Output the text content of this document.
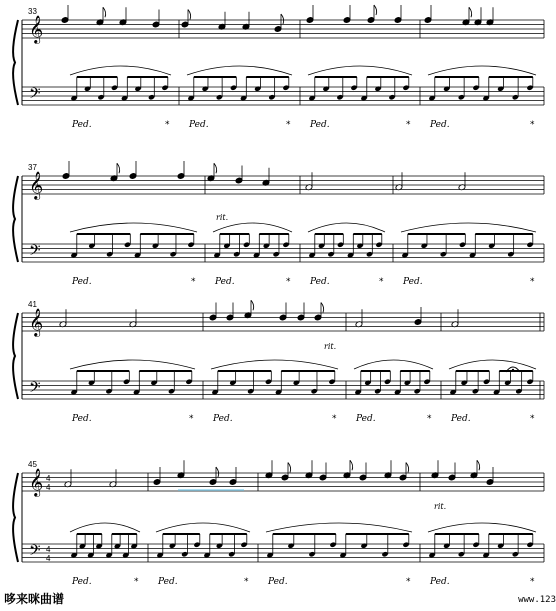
33
𝄞
𝄢
Ped.	* Ped.	* Ped.	* Ped.	*
37
𝄞
𝄢
Ped.	* Ped.	* Ped.	* Ped.	*
rit.
41
𝄞
𝄢
Ped.	* Ped.	* Ped.	* Ped.	*
rit.
45
𝄞
𝄢
4
4
4
4
Ped.	* Ped.	* Ped.	* Ped.	*
rit.
哆来咪曲谱	www.123
